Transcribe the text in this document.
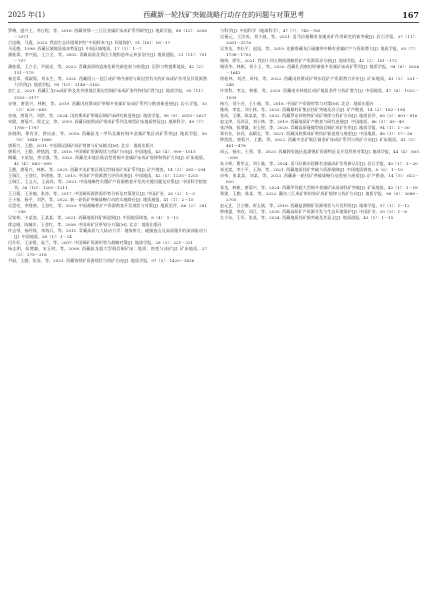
2025 年(1)	西藏新一轮找矿突破战略行动存在的问题与对策思考	167

罗梅，盛兴土，李日程，等。2016. 西藏荣那－三江区金属矿床成矿系列研究[J]. 地质学报，88（12）：2556－2571

吕忠梅，马震，2023. 我国生态环境保护的“中国样本”[J]. 环境保护，51（16）：16－17

马廷德，1998. 西藏区域地质基本特征[J]. 中国区域地质，17（1）：1－7

潘桂棠，李兴振，王立全，等。2002. 青藏高原及邻区大地构造单元初步划分[J]. 地质通报，21（11）：701－707

潘桂棠，王立全，尹福光，等。2022. 青藏高原构造演化研究新进展与展望[J]. 沉积与特提斯地质，42（2）：151－175

秦克章，邢淑菊，刘永生，等。2021. 西藏班公－怒江成矿带内部的与斑岩型有关的矿床成矿作用及其资源潜力评价[J]. 地质学报，95（10）：3146－3162

史仁义，2021. 西藏汇龙Cu成矿带及其外围地区斑岩型铜矿床成矿条件和找矿潜力[J]. 地质学报，95（11）：3163－3177

宋扬，唐菊兴，林彬，等。2019. 西藏冈底斯成矿带铜多金属矿床成矿系列与勘查新进展[J]. 岩石学报，35（3）：625－645

宋扬，唐菊兴，刘洪，等。2024. 冈底斯成矿带斑岩铜矿床研究新进展[J]. 地质学报，98（9）：2610－2627

宋健，唐菊兴，郑文宝，等。2019. 西藏冈底斯成矿带成矿系列及典型矿床地质特征[J]. 地球科学，49（7）：1780－1797

孙晓明，郑有业，曾庆高，等。2016. 西藏驱龙－甲玛及雄村铜多金属矿集区成矿系列[J]. 地质学报，90（8）：1648－1660

唐菊兴，王勤，2011. 中国斑岩铜矿成矿规律与矿床模式[M]. 北京：地质出版社

唐菊兴，王勤，钟凯凯，等。2016. 中国铜矿资源现状与找矿方向[J]. 中国地质，43（4）：999－1015

陶耀，卡某加，李宗强，等。2022. 西藏尼木地区斑岩型钼铜多金属矿床成矿规律和找矿方向[J]. 矿床地质，41（4）：683－699

王勤，唐菊兴，林彬，等。2023. 西藏多龙矿集区斑岩型铜金矿成矿系列[J]. 矿产勘查，14（3）：285－294

王瑞江，王登红，李建康，等。2015. 中国矿产资源潜力评价成果[J]. 中国地质，42（5）：1235－1251

王瑞江，王义天，王高尚，等。2021. 中国战略性关键矿产资源勘查开发的关键问题及对策[J]. 中国科学院院刊，36（10）：1201－1211

王卫强，王亚楠，张涛，等。2017. 中国铜资源供需形势分析及对策建议[J]. 中国矿业，26（2）：1－5

王小春，杨平，刘洪，等。2022. 新一轮找矿突破战略行动的实施路径[J]. 地质通报，41（1）：2－10

吴恩亮，李建康，王登红，等。2020. 中国战略性矿产资源勘查开发现状与对策[J]. 地质论评，66（2）：281－296

吴家林，卡某加，王某某，等。2021. 西藏地质找矿新进展[J]. 中国地质调查，8（4）：1－12

徐志刚，陈毓川，王登红，等。2008. 中国成矿区带划分方案[M]. 北京：地质出版社

许志琴，杨经绥，李海兵，等。2011. 青藏高原与大陆动力学：地体拼合、碰撞造山及高原隆升的深部驱动力[J]. 中国地质，38（1）：1－24

闫升好，王安建，高兰，等。2007. 中国铜矿资源形势与战略对策[J]. 地球学报，28（3）：221－231

杨志明，侯增谦，宋玉财，等。2008. 西藏驱龙超大型斑岩铜矿床：地质、蚀变与成矿[J]. 矿床地质，27（3）：279－318

尹丽，王勤，张涛，等。2023. 西藏铬铁矿资源现状与找矿方向[J]. 地质学报，97（5）：1420－1436

与科学[J]. 中国科学（地球科学），47（7）：745－765

吴福元，王汝成，刘小驰，等。2021. 喜马拉雅稀有金属成矿作用研究的新突破[J]. 岩石学报，37（11）：3261－3276

吴华龙，李长平，赵国，等。2019. 论雅鲁藏布江碰撞带中稀有金属矿产与资源潜力[J]. 地质学报，93（7）：1738－1753

谢伟，徐军，2021. 我国十四五期间战略性矿产资源需求分析[J]. 地球学报，42（2）：161－172

谢贵华，林彬，刘小玉，等。2020. 西藏扎西康铅锌锑银多金属矿床成矿系列[J]. 地质学报，94（6）：1624－1642

徐桂林，刘洪，成伟，等。2022. 西藏冈底斯成矿带东段矿产资源潜力评价[J]. 矿床地质，41（2）：231－248

许荣科，李文，林彬，等。2020. 西藏南木林地区成矿地质条件与找矿潜力[J]. 中国地质，47（4）：1022－1039

杨方，刘小芳，王小刚，等。2018. 中国矿产资源形势与对策[M]. 北京：地质出版社

姚伟，李忠，刘小林，等。2023. 西藏雄村矿集区找矿突破及启示[J]. 矿产勘查，14（2）：182－194

张成，王娜，陈某某，等。2022. 西藏罗布莎铬铁矿成矿规律与找矿方向[J]. 地质论评，68（3）：801－816

赵文津，吴珍汉，刘小林，等。2019. 西藏地质矿产勘查与研究进展[J]. 中国地质，46（5）：45－49

张洪瑞，侯增谦，宋玉财，等。2020. 青藏高原碰撞型斑岩铜矿成矿作用[J]. 地质学报，94（1）：1－30

郑有业，孙祥，高顺宝，等。2021. 西藏冈底斯成矿带找矿新进展与展望[J]. 中国地质，48（1）：17－36

钟凯凯，唐菊兴，王勤，等。2022. 西藏多龙矿集区铜金矿床成矿系列与找矿方向[J]. 矿床地质，41（3）：461－478

周云，杨东，王勇，等。2023. 西藏阿里地区盐湖锂矿资源特征及开发利用对策[J]. 地球学报，44（4）：605－616

朱小辉，曹华文，刘小驰，等。2024. 喜马拉雅东段稀有金属成矿作用新认识[J]. 岩石学报，40（1）：1－20

邹光富，李小平，王海，等。2021. 西藏地质找矿突破与资源保障[J]. 中国地质调查，8（6）：1－10

卓伟，张某某，刘某，等。2023. 西藏新一轮找矿突破战略行动进展与展望[J]. 矿产勘查，14（5）：612－620

张龙，林彬，唐菊兴，等。2024. 西藏甲玛超大型铜多金属矿床深部找矿突破[J]. 矿床地质，43（1）：1－18

郑建，王勤，陈某，等。2022. 藏东三江成矿带铅锌矿成矿规律与找矿方向[J]. 地质学报，96（8）：2688－2705

赵元艺，吕立娜，崔玉斌，等。2016. 西藏盐湖锂矿资源现状与开发利用[J]. 地球学报，37（1）：1－12

钟康惠，李欣，刘江，等。2020. 西藏高原矿产资源开发与生态环境保护[J]. 中国矿业，29（3）：1－6

左小东，王军，张某，等。2024. 西藏地质找矿新突破及其意义[J]. 地质通报，43（1）：1－15
